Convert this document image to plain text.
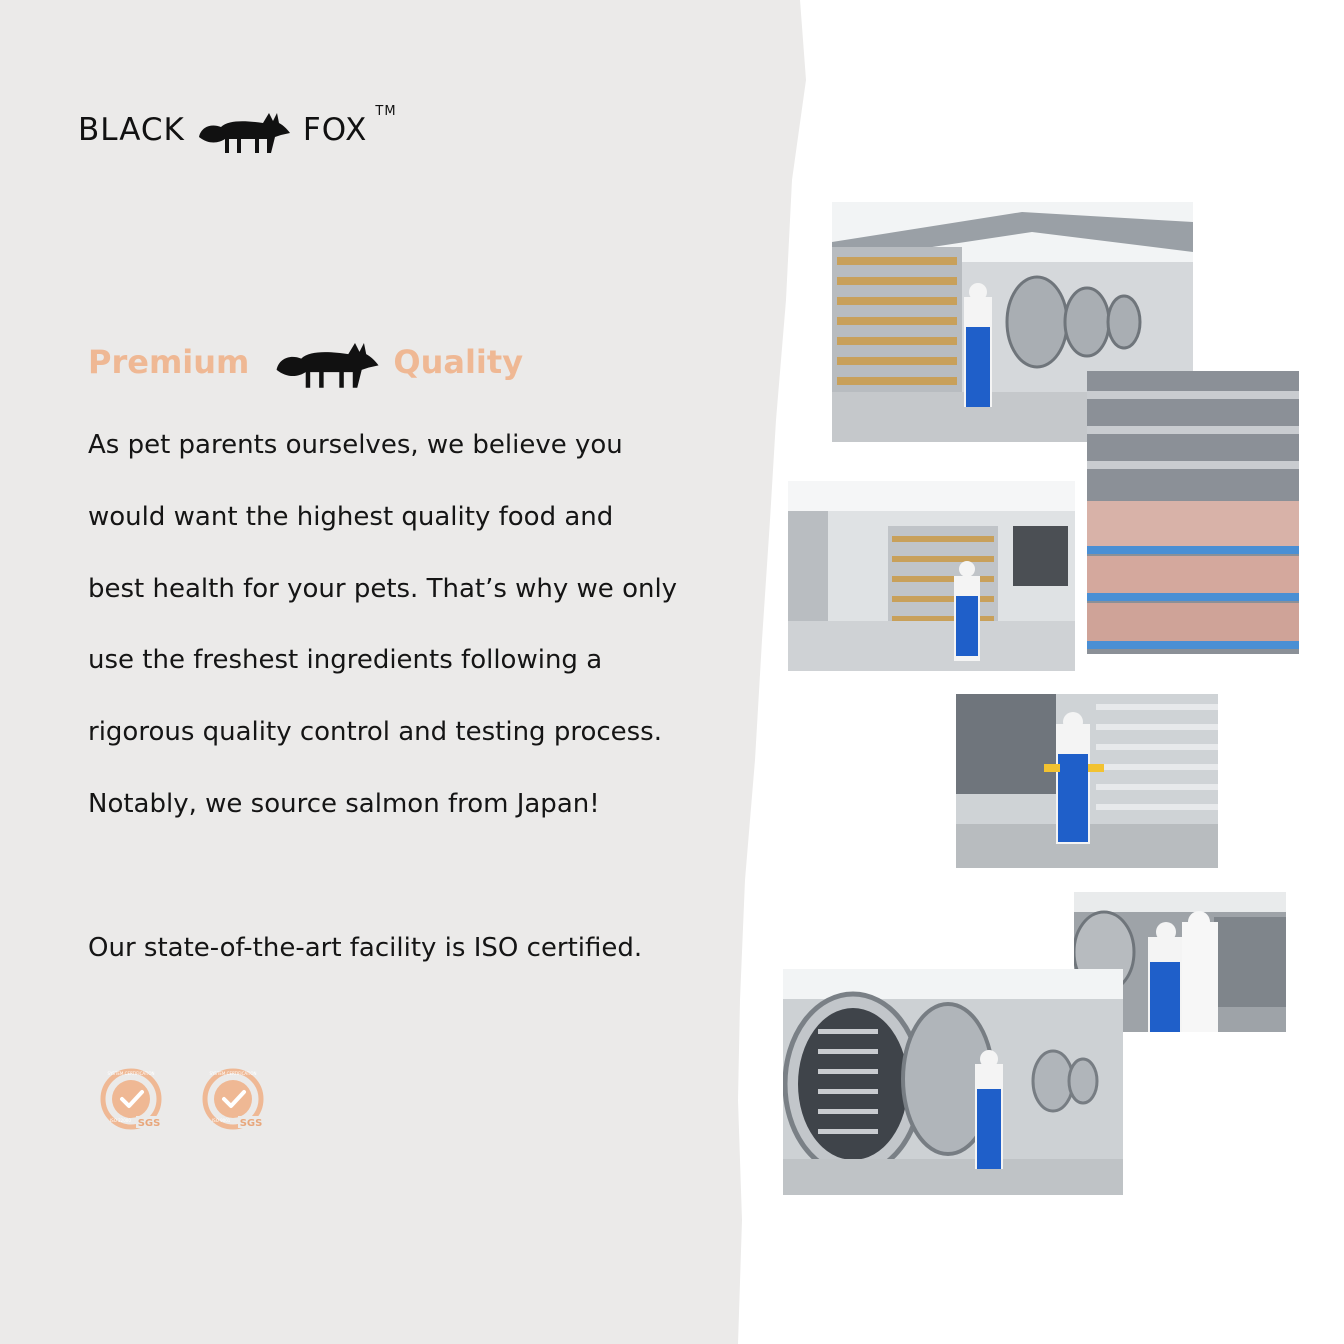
BLACK	FOX
TM
Premium	Quality
As pet parents ourselves, we believe you
would want the highest quality food and
best health for your pets. That’s why we only
use the freshest ingredients following a
rigorous quality control and testing process.
Notably, we source salmon from Japan!
Our state-of-the-art facility is ISO certified.
SGS
SYSTEM CERTIFICATION
ISO 22000	SGS
SYSTEM CERTIFICATION
ISO 9001
